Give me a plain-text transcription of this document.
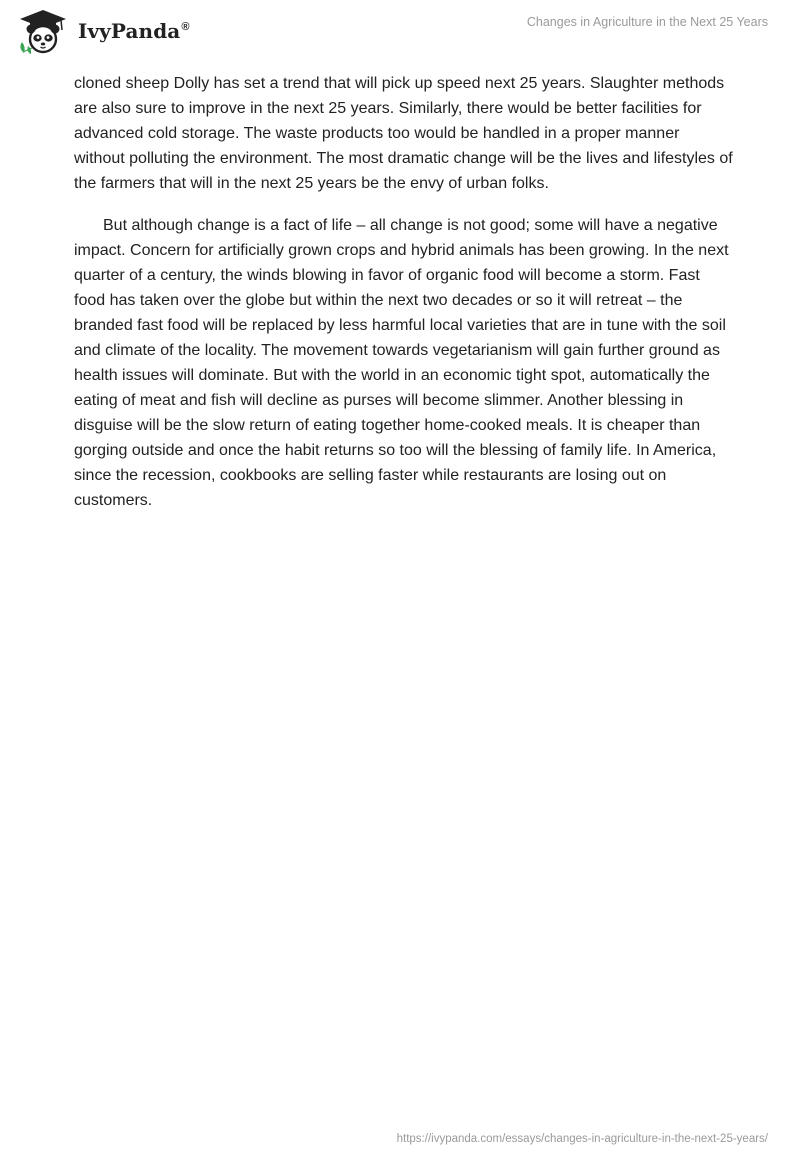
IvyPanda®	Changes in Agriculture in the Next 25 Years

cloned sheep Dolly has set a trend that will pick up speed next 25 years. Slaughter methods are also sure to improve in the next 25 years. Similarly, there would be better facilities for advanced cold storage. The waste products too would be handled in a proper manner without polluting the environment. The most dramatic change will be the lives and lifestyles of the farmers that will in the next 25 years be the envy of urban folks.

But although change is a fact of life – all change is not good; some will have a negative impact. Concern for artificially grown crops and hybrid animals has been growing. In the next quarter of a century, the winds blowing in favor of organic food will become a storm. Fast food has taken over the globe but within the next two decades or so it will retreat – the branded fast food will be replaced by less harmful local varieties that are in tune with the soil and climate of the locality. The movement towards vegetarianism will gain further ground as health issues will dominate. But with the world in an economic tight spot, automatically the eating of meat and fish will decline as purses will become slimmer. Another blessing in disguise will be the slow return of eating together home-cooked meals. It is cheaper than gorging outside and once the habit returns so too will the blessing of family life. In America, since the recession, cookbooks are selling faster while restaurants are losing out on customers.

https://ivypanda.com/essays/changes-in-agriculture-in-the-next-25-years/
